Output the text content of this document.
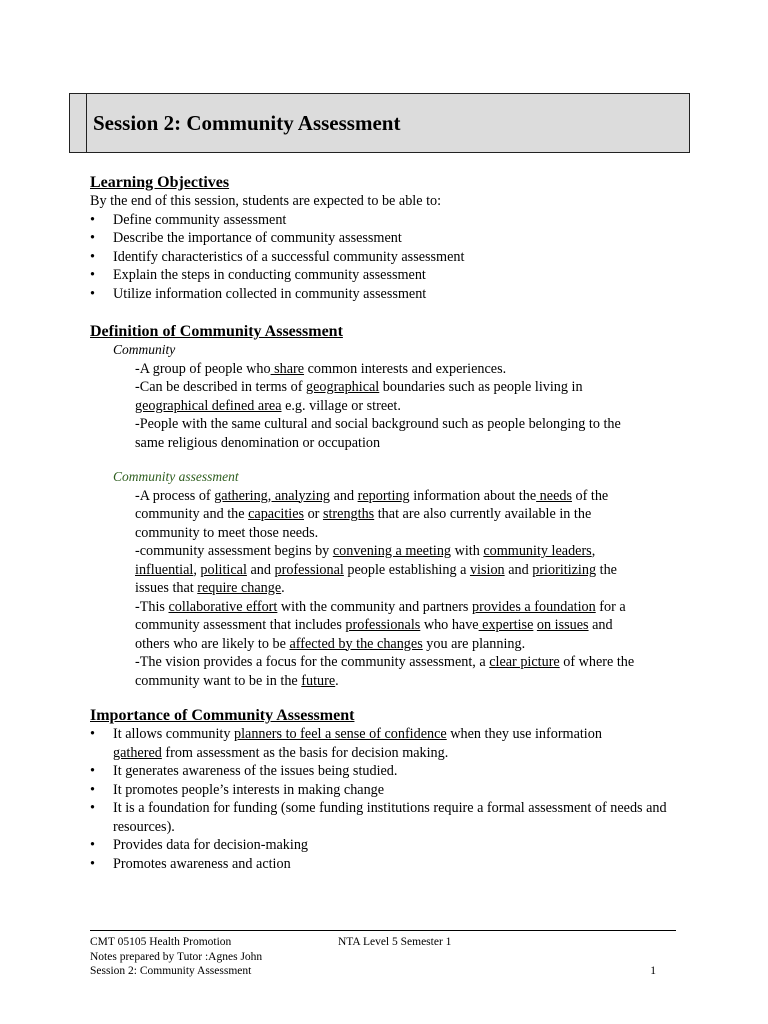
Session 2: Community Assessment
Learning Objectives

By the end of this session, students are expected to be able to:

• Define community assessment
• Describe the importance of community assessment
• Identify characteristics of a successful community assessment
• Explain the steps in conducting community assessment
• Utilize information collected in community assessment
Definition of Community Assessment
Community

-A group of people who share common interests and experiences.

-Can be described in terms of geographical boundaries such as people living in

geographical defined area e.g. village or street.

-People with the same cultural and social background such as people belonging to the

same religious denomination or occupation

Community assessment

-A process of gathering, analyzing and reporting information about the needs of the

community and the capacities or strengths that are also currently available in the

community to meet those needs.

-community assessment begins by convening a meeting with community leaders,

influential, political and professional people establishing a vision and prioritizing the

issues that require change.

-This collaborative effort with the community and partners provides a foundation for a

community assessment that includes professionals who have expertise on issues and

others who are likely to be affected by the changes you are planning.

-The vision provides a focus for the community assessment, a clear picture of where the

community want to be in the future.

Importance of Community Assessment
• It allows community planners to feel a sense of confidence when they use information
gathered from assessment as the basis for decision making.
• It generates awareness of the issues being studied.
• It promotes people’s interests in making change
• It is a foundation for funding (some funding institutions require a formal assessment of needs and resources).
• Provides data for decision-making
• Promotes awareness and action
CMT 05105 Health Promotion	NTA Level 5 Semester 1
Notes prepared by Tutor :Agnes John
Session 2: Community Assessment	1
